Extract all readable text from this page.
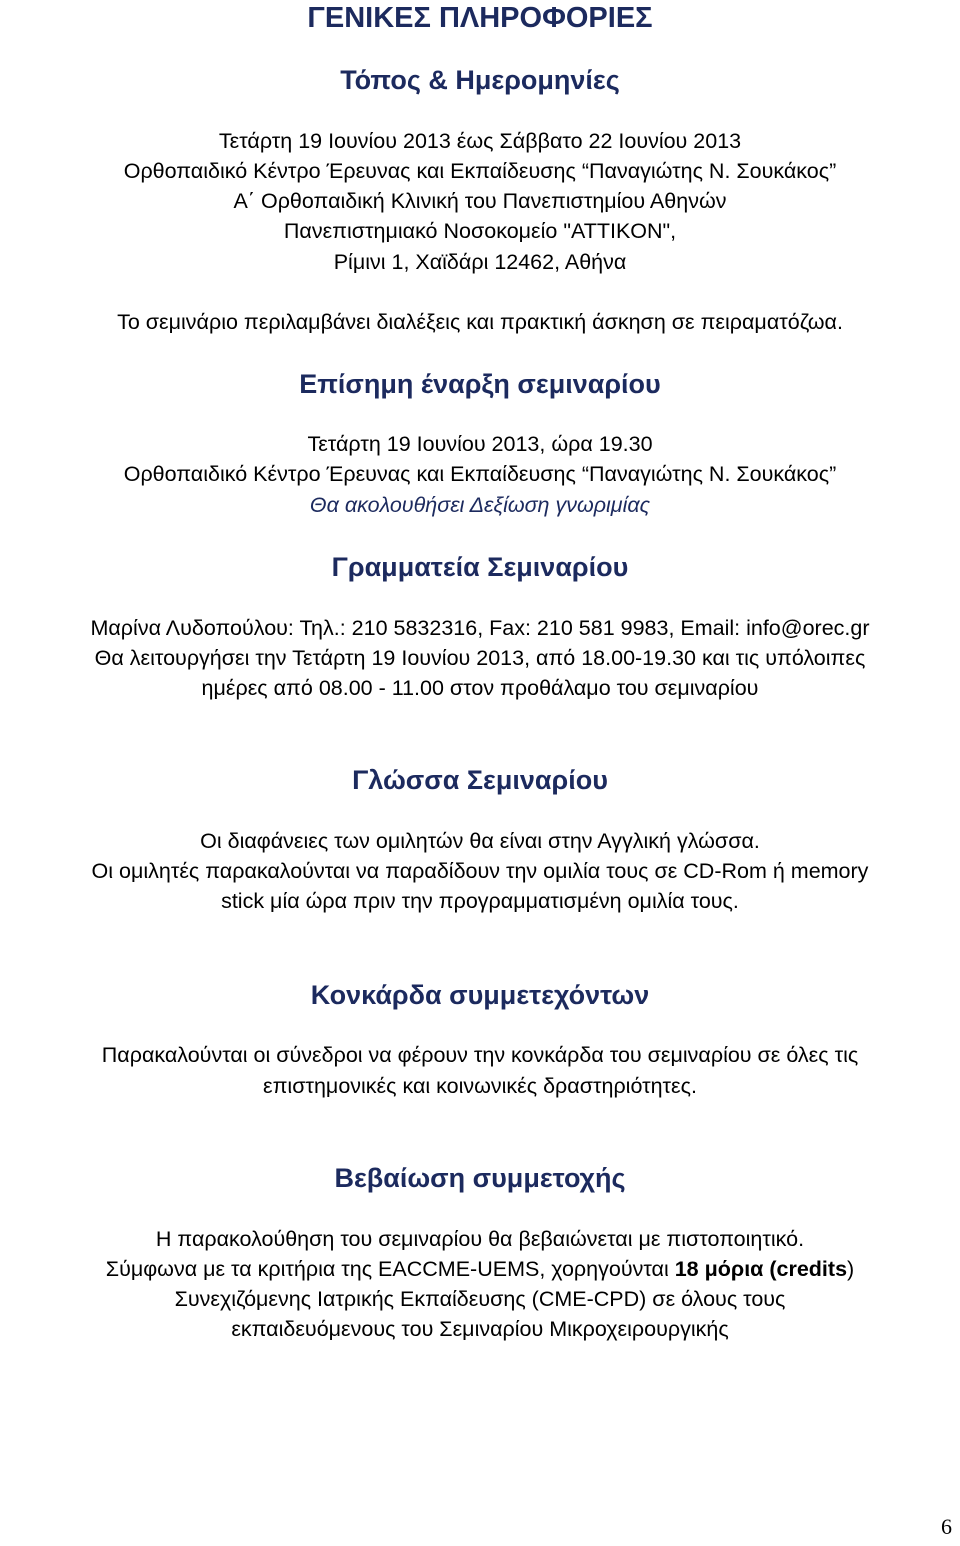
ΓΕΝΙΚΕΣ ΠΛΗΡΟΦΟΡΙΕΣ
Τόπος & Ημερομηνίες
Τετάρτη 19 Ιουνίου 2013 έως Σάββατο 22 Ιουνίου 2013
Ορθοπαιδικό Κέντρο Έρευνας και Εκπαίδευσης “Παναγιώτης Ν. Σουκάκος”
Α΄ Ορθοπαιδική Κλινική του Πανεπιστημίου Αθηνών
Πανεπιστημιακό Νοσοκομείο "ATTIKON",
Ρίμινι 1, Χαϊδάρι 12462, Αθήνα
Το σεμινάριο περιλαμβάνει διαλέξεις και πρακτική άσκηση σε πειραματόζωα.
Επίσημη έναρξη σεμιναρίου
Τετάρτη 19 Ιουνίου 2013, ώρα 19.30
Ορθοπαιδικό Κέντρο Έρευνας και Εκπαίδευσης “Παναγιώτης Ν. Σουκάκος”
Θα ακολουθήσει Δεξίωση γνωριμίας
Γραμματεία Σεμιναρίου
Μαρίνα Λυδοπούλου: Τηλ.: 210 5832316, Fax: 210 581 9983, Email: info@orec.gr
Θα λειτουργήσει την Τετάρτη 19 Ιουνίου 2013, από 18.00-19.30 και τις υπόλοιπες
ημέρες από 08.00 - 11.00 στον προθάλαμο του σεμιναρίου
Γλώσσα Σεμιναρίου
Οι διαφάνειες των ομιλητών θα είναι στην Αγγλική γλώσσα.
Οι ομιλητές παρακαλούνται να παραδίδουν την ομιλία τους σε CD-Rom ή memory
stick μία ώρα πριν την προγραμματισμένη ομιλία τους.
Κονκάρδα συμμετεχόντων
Παρακαλούνται οι σύνεδροι να φέρουν την κονκάρδα του σεμιναρίου σε όλες τις
επιστημονικές και κοινωνικές δραστηριότητες.
Βεβαίωση συμμετοχής
Η παρακολούθηση του σεμιναρίου θα βεβαιώνεται με πιστοποιητικό.
Σύμφωνα με τα κριτήρια της EACCME-UEMS, χορηγούνται 18 μόρια (credits)
Συνεχιζόμενης Ιατρικής Εκπαίδευσης (CME-CPD) σε όλους τους
εκπαιδευόμενους του Σεμιναρίου Μικροχειρουργικής
6
